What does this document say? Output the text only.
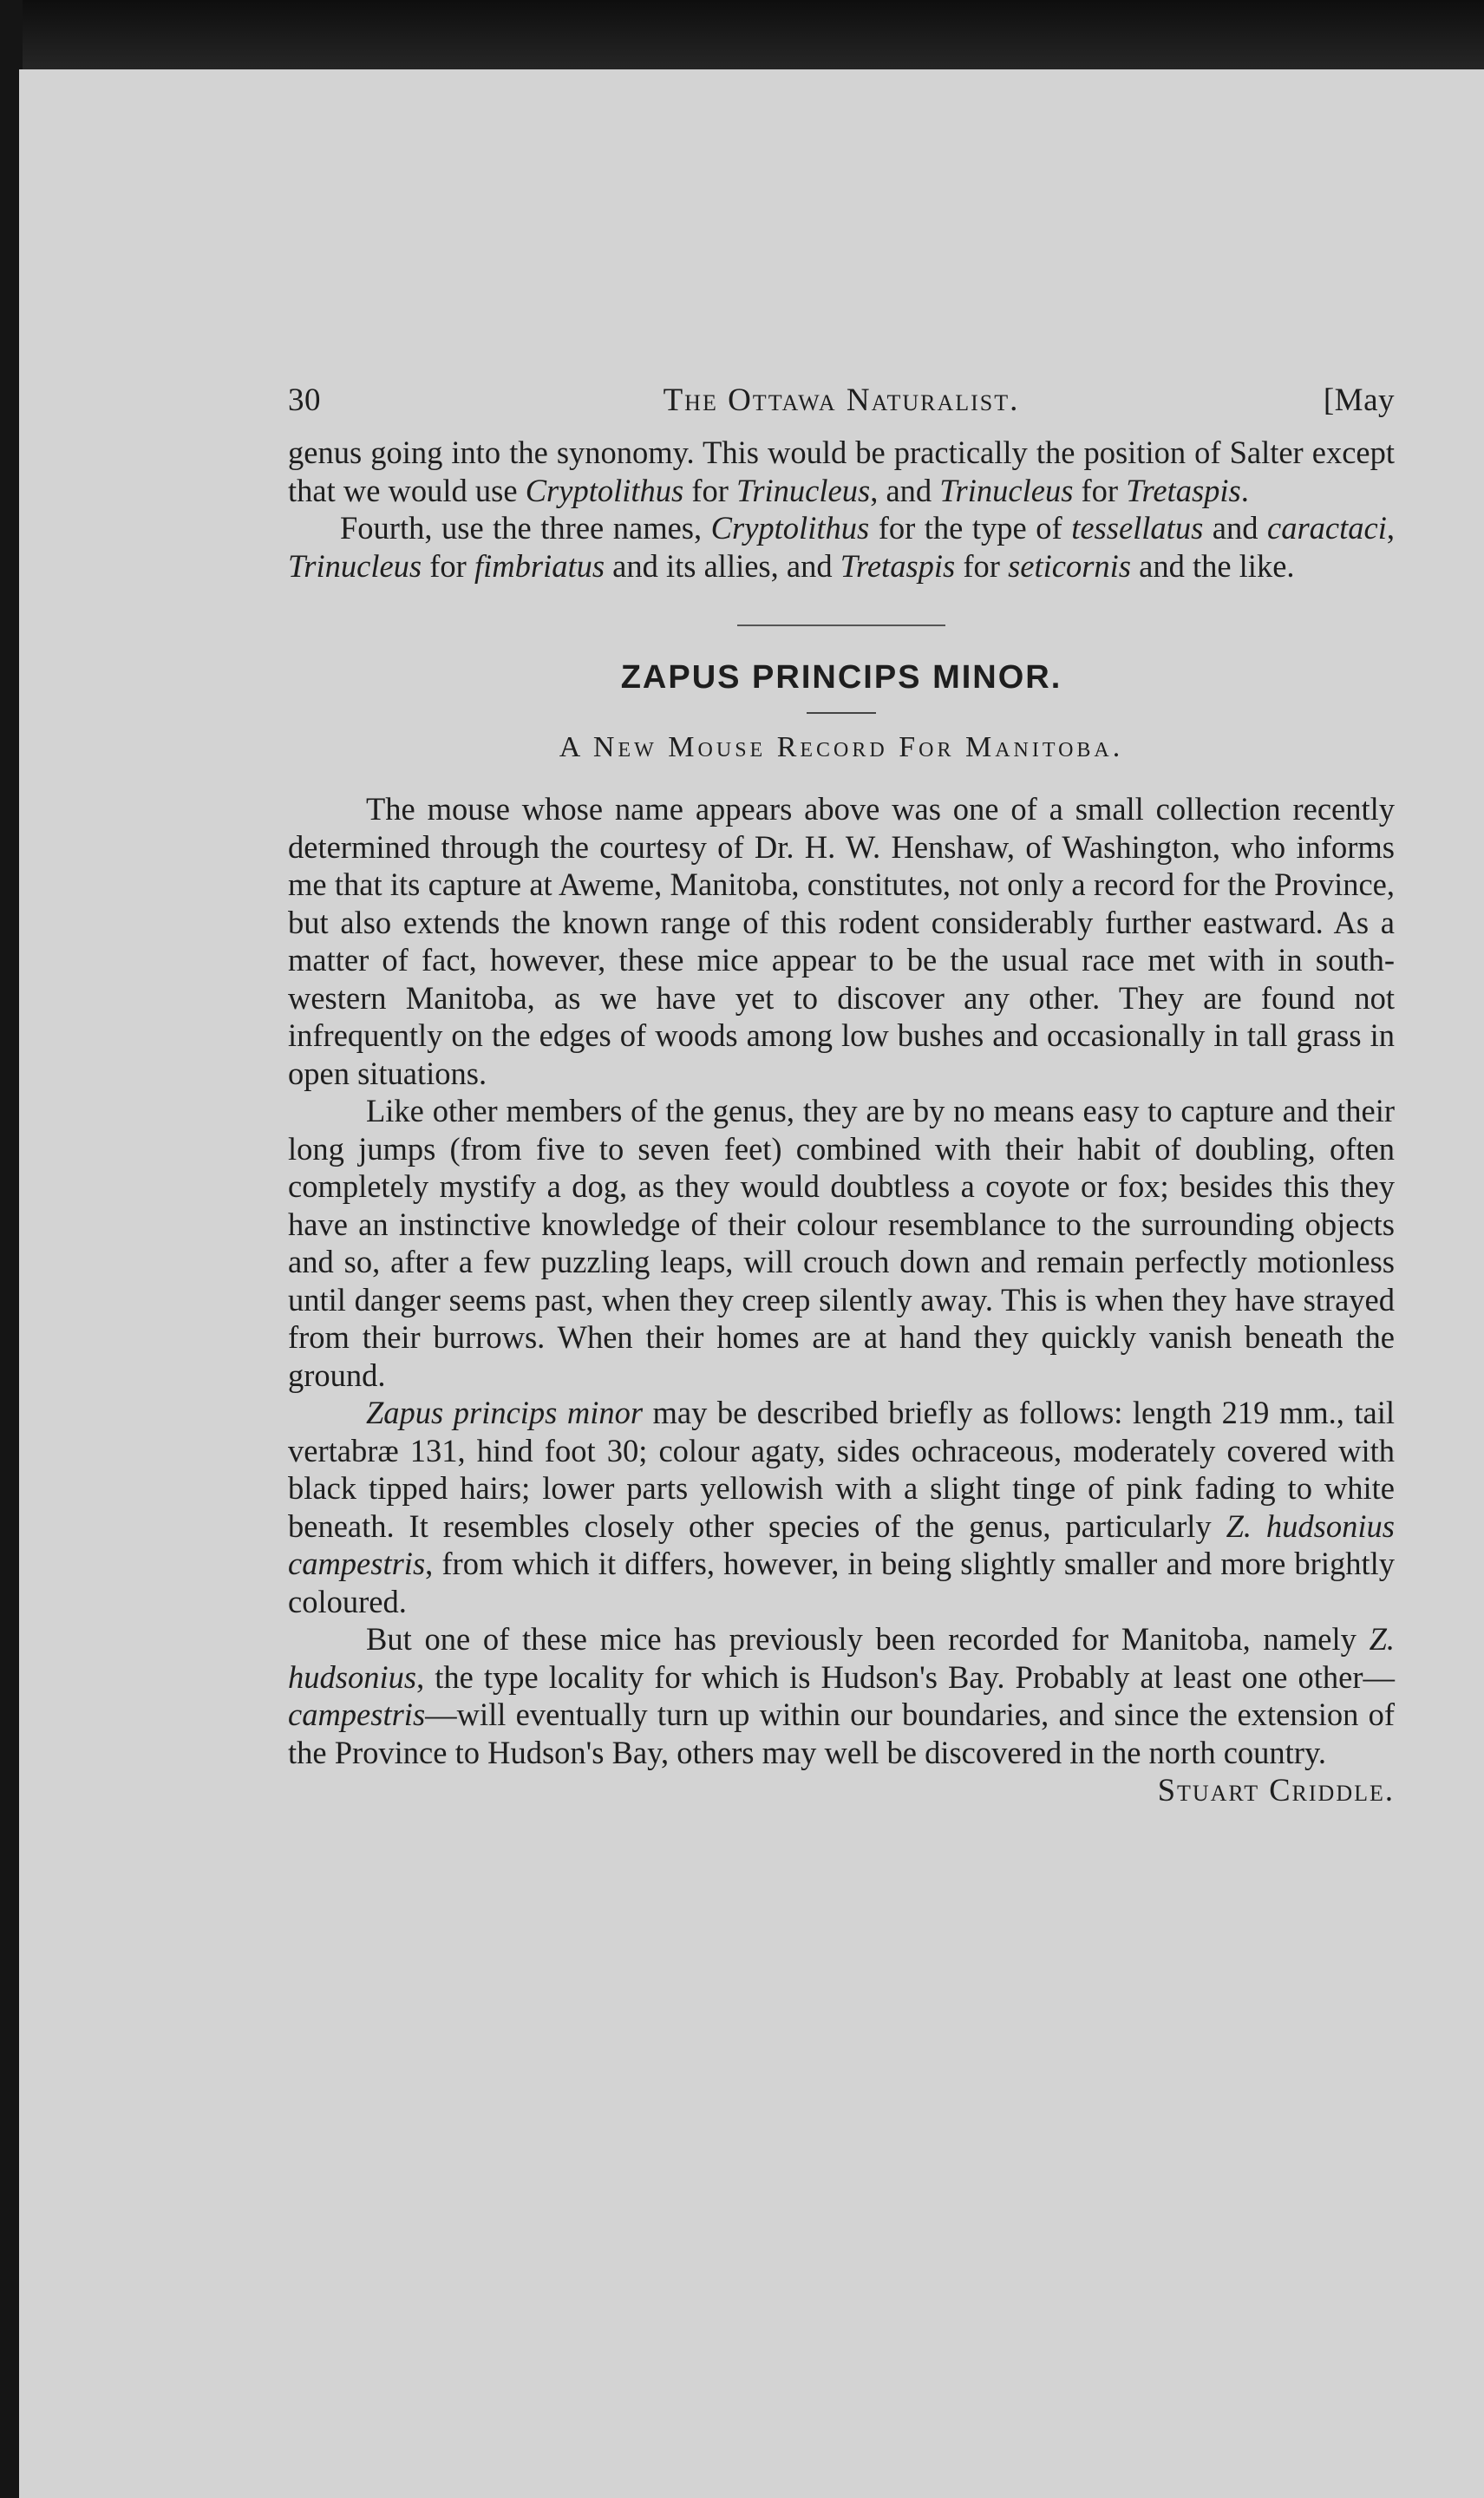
30	The Ottawa Naturalist.	[May

genus going into the synonomy. This would be practically the position of Salter except that we would use Cryptolithus for Trinucleus, and Trinucleus for Tretaspis.

Fourth, use the three names, Cryptolithus for the type of tessellatus and caractaci, Trinucleus for fimbriatus and its allies, and Tretaspis for seticornis and the like.

ZAPUS PRINCIPS MINOR.
A New Mouse Record For Manitoba.

The mouse whose name appears above was one of a small collection recently determined through the courtesy of Dr. H. W. Henshaw, of Washington, who informs me that its capture at Aweme, Manitoba, constitutes, not only a record for the Province, but also extends the known range of this rodent considerably further eastward. As a matter of fact, however, these mice appear to be the usual race met with in south-western Manitoba, as we have yet to discover any other. They are found not infrequently on the edges of woods among low bushes and occasionally in tall grass in open situations.

Like other members of the genus, they are by no means easy to capture and their long jumps (from five to seven feet) combined with their habit of doubling, often completely mystify a dog, as they would doubtless a coyote or fox; besides this they have an instinctive knowledge of their colour resemblance to the surrounding objects and so, after a few puzzling leaps, will crouch down and remain perfectly motionless until danger seems past, when they creep silently away. This is when they have strayed from their burrows. When their homes are at hand they quickly vanish beneath the ground.

Zapus princips minor may be described briefly as follows: length 219 mm., tail vertabræ 131, hind foot 30; colour agaty, sides ochraceous, moderately covered with black tipped hairs; lower parts yellowish with a slight tinge of pink fading to white beneath. It resembles closely other species of the genus, particularly Z. hudsonius campestris, from which it differs, however, in being slightly smaller and more brightly coloured.

But one of these mice has previously been recorded for Manitoba, namely Z. hudsonius, the type locality for which is Hudson's Bay. Probably at least one other—campestris—will eventually turn up within our boundaries, and since the extension of the Province to Hudson's Bay, others may well be discovered in the north country.
Stuart Criddle.
